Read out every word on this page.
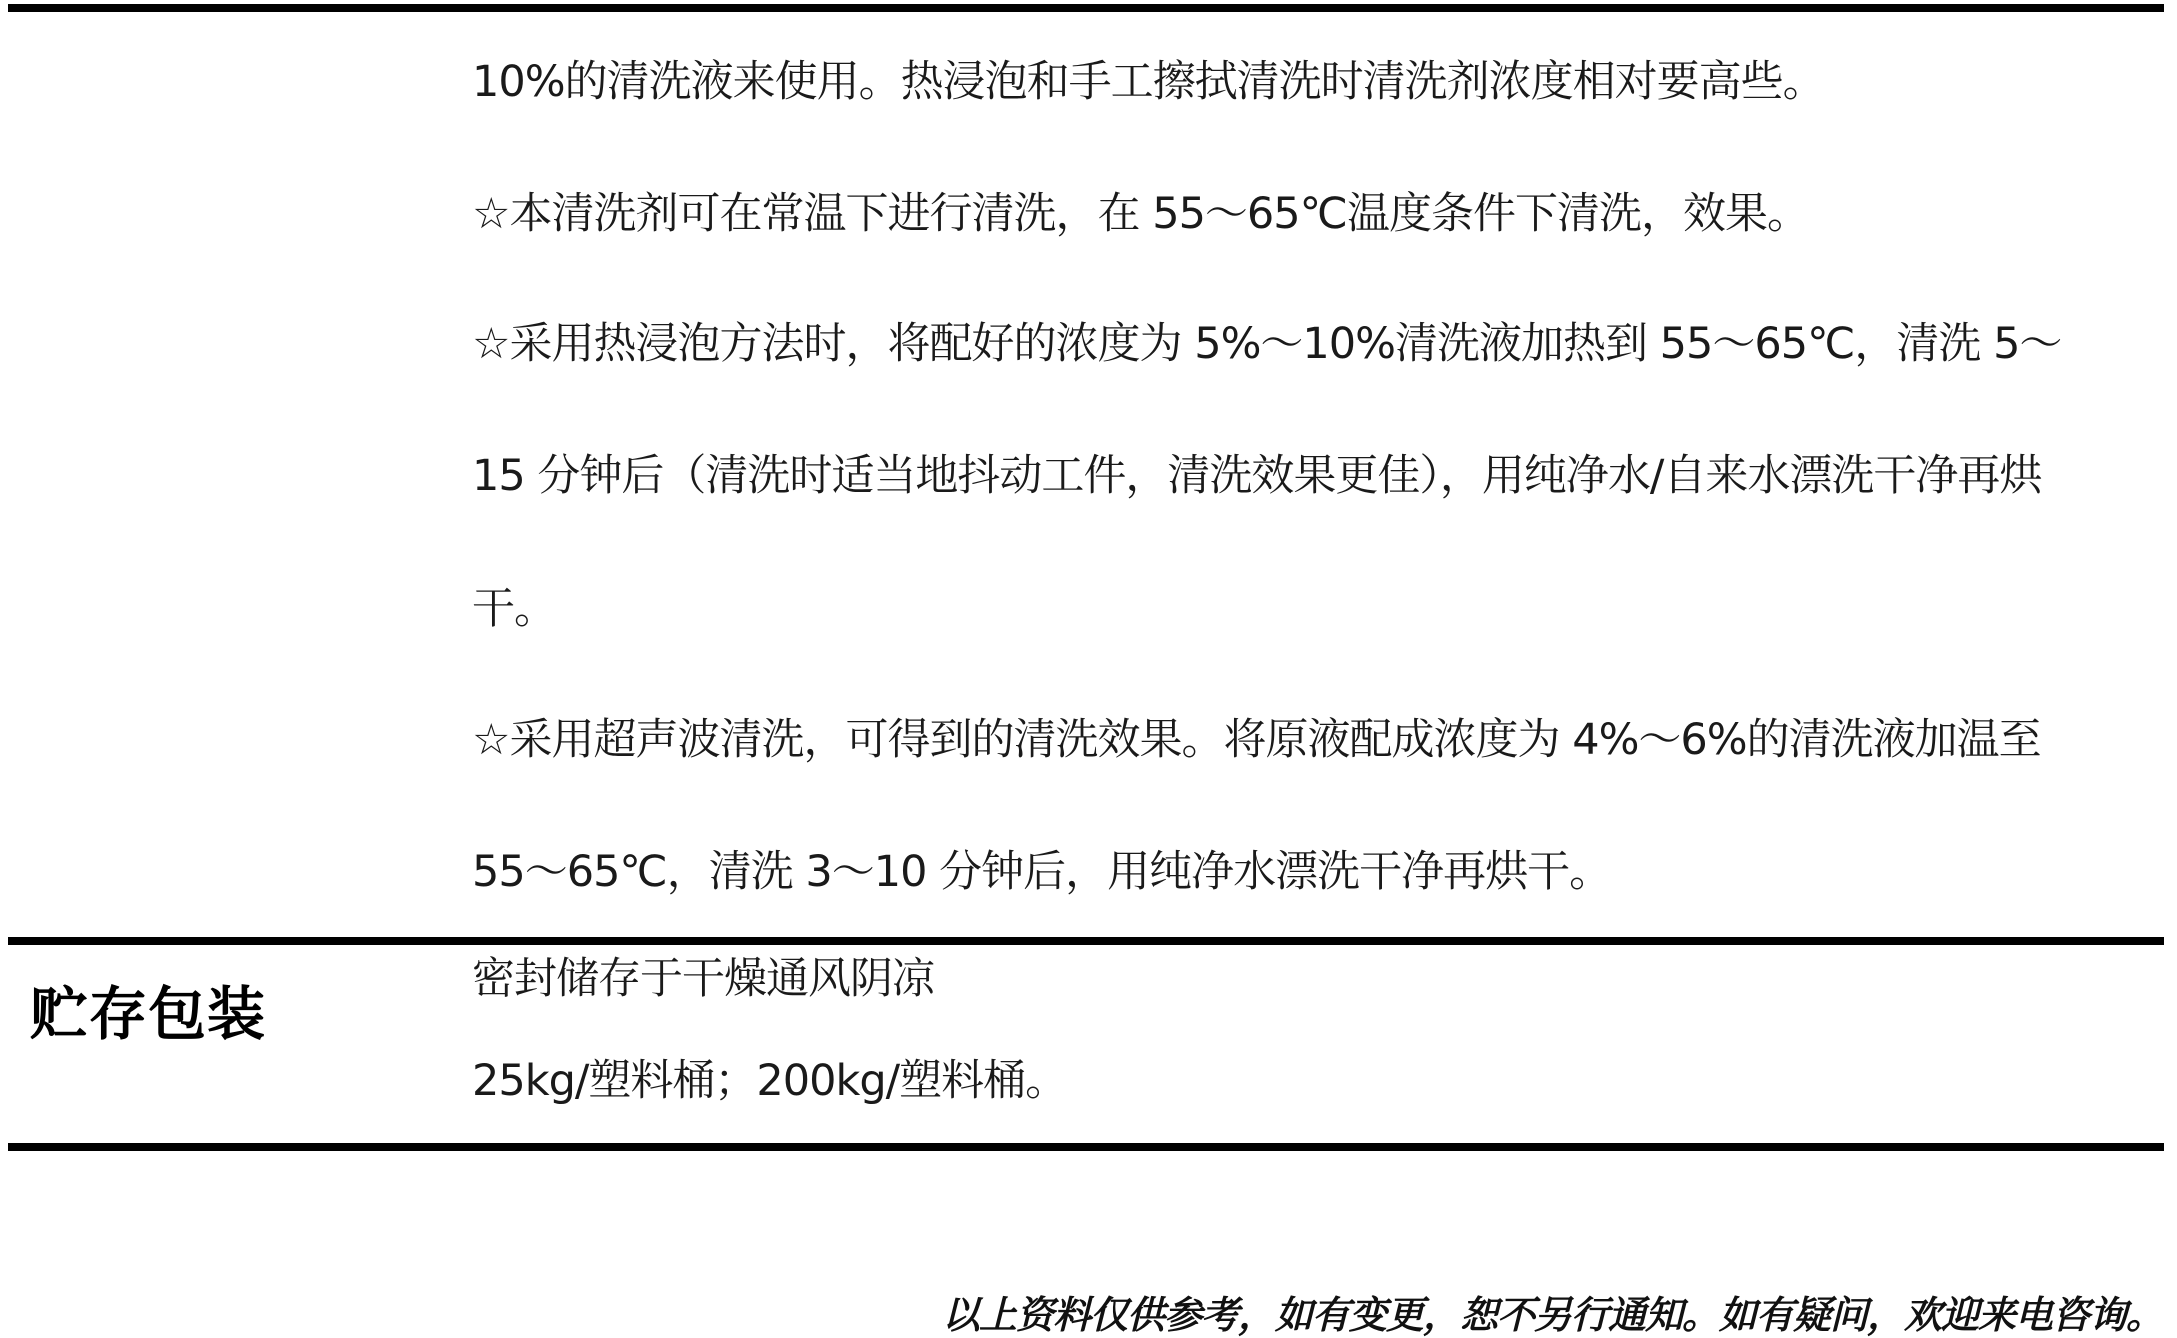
10%的清洗液来使用。热浸泡和手工擦拭清洗时清洗剂浓度相对要高些。
☆本清洗剂可在常温下进行清洗，在 55～65℃温度条件下清洗，效果。
☆采用热浸泡方法时，将配好的浓度为 5%～10%清洗液加热到 55～65℃，清洗 5～
15 分钟后（清洗时适当地抖动工件，清洗效果更佳），用纯净水/自来水漂洗干净再烘
干。
☆采用超声波清洗，可得到的清洗效果。将原液配成浓度为 4%～6%的清洗液加温至
55～65℃，清洗 3～10 分钟后，用纯净水漂洗干净再烘干。
贮存包装
密封储存于干燥通风阴凉
25kg/塑料桶；200kg/塑料桶。
以上资料仅供参考，如有变更，恕不另行通知。如有疑问，欢迎来电咨询。
